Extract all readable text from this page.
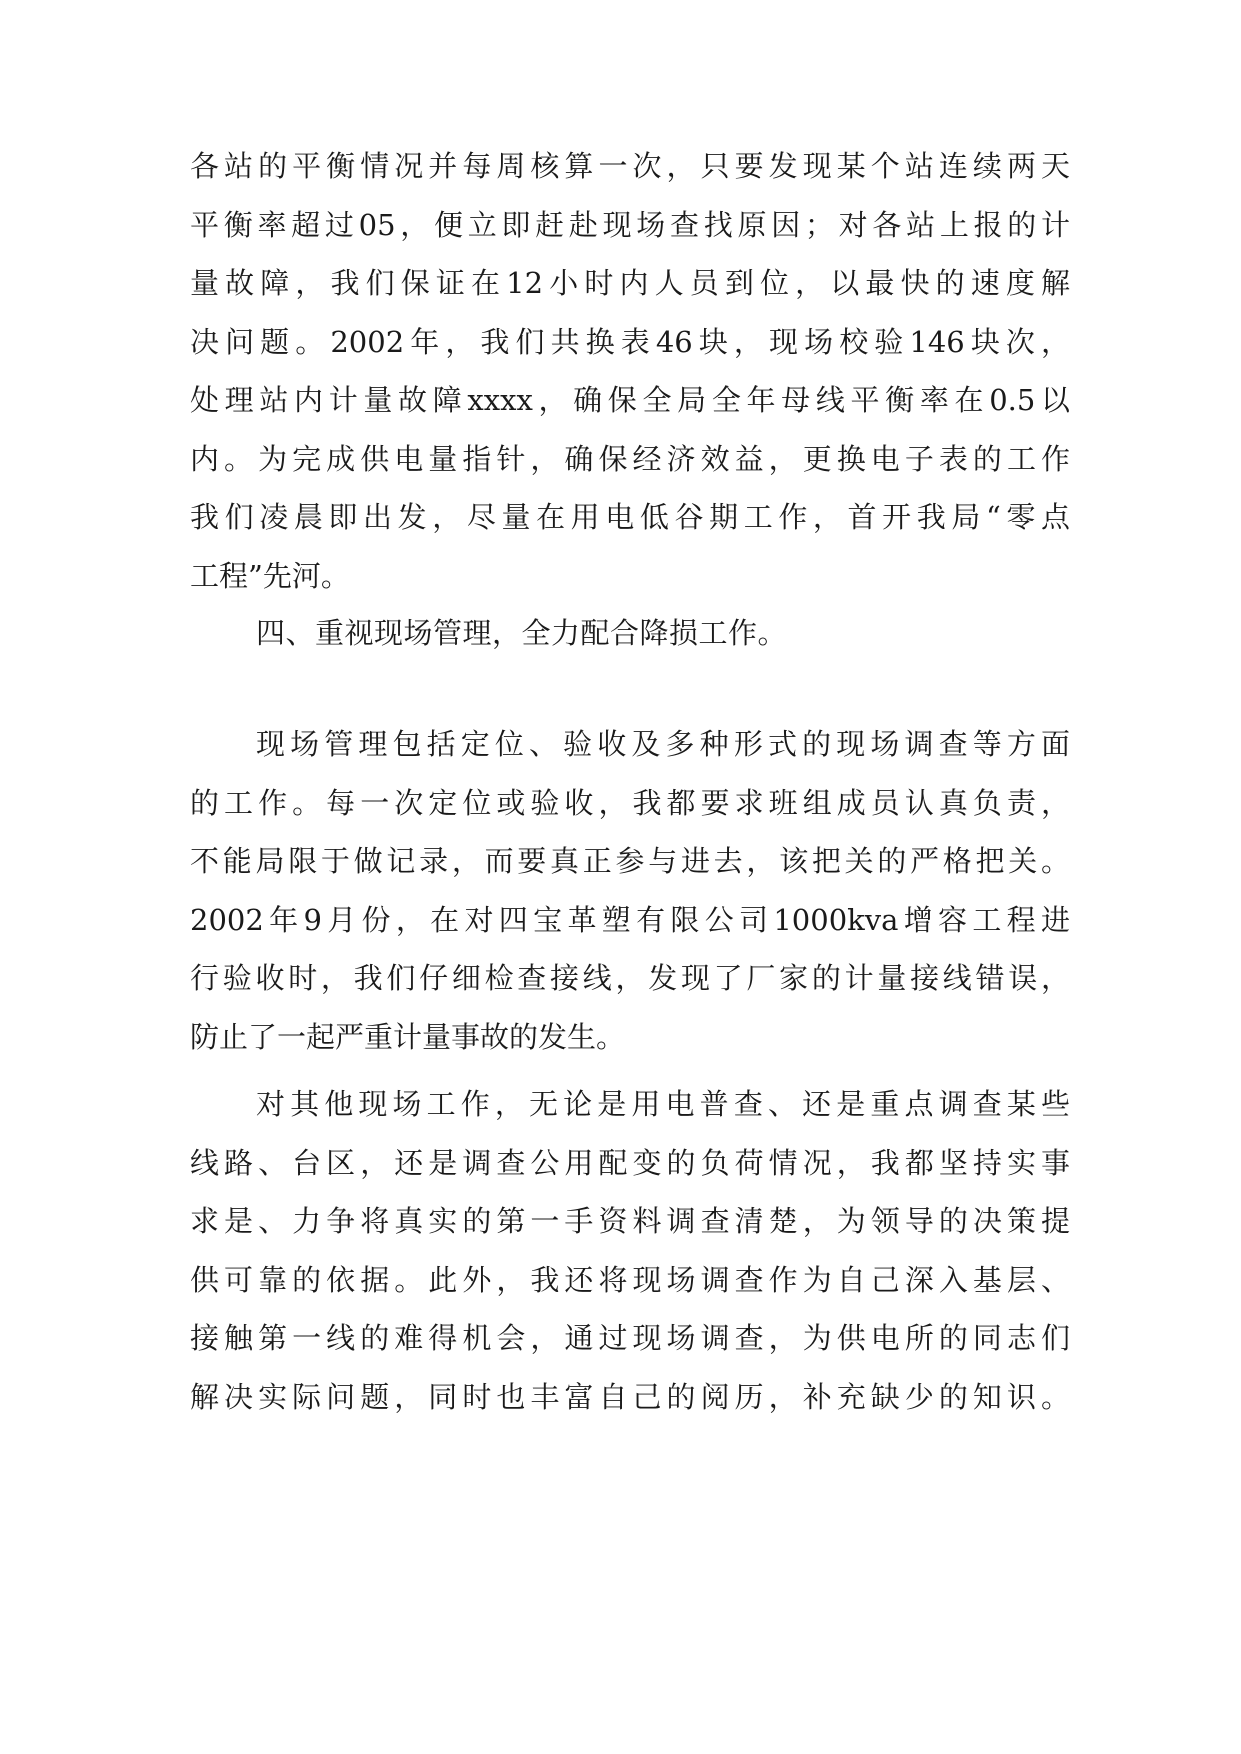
各站的平衡情况并每周核算一次，只要发现某个站连续两天
平衡率超过05，便立即赶赴现场查找原因；对各站上报的计
量故障，我们保证在12小时内人员到位，以最快的速度解
决问题。2002年，我们共换表46块，现场校验146块次，
处理站内计量故障xxxx，确保全局全年母线平衡率在0.5以
内。为完成供电量指针，确保经济效益，更换电子表的工作
我们凌晨即出发，尽量在用电低谷期工作，首开我局“零点
工程”先河。
四、重视现场管理，全力配合降损工作。
现场管理包括定位、验收及多种形式的现场调查等方面
的工作。每一次定位或验收，我都要求班组成员认真负责，
不能局限于做记录，而要真正参与进去，该把关的严格把关。
2002年9月份，在对四宝革塑有限公司1000kva增容工程进
行验收时，我们仔细检查接线，发现了厂家的计量接线错误，
防止了一起严重计量事故的发生。
对其他现场工作，无论是用电普查、还是重点调查某些
线路、台区，还是调查公用配变的负荷情况，我都坚持实事
求是、力争将真实的第一手资料调查清楚，为领导的决策提
供可靠的依据。此外，我还将现场调查作为自己深入基层、
接触第一线的难得机会，通过现场调查，为供电所的同志们
解决实际问题，同时也丰富自己的阅历，补充缺少的知识。
